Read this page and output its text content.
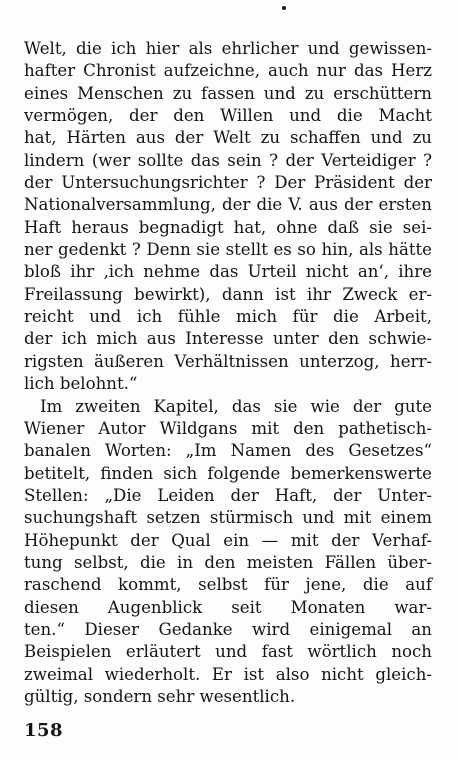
Welt, die ich hier als ehrlicher und gewissen-
hafter Chronist aufzeichne, auch nur das Herz
eines Menschen zu fassen und zu erschüttern
vermögen, der den Willen und die Macht
hat, Härten aus der Welt zu schaffen und zu
lindern (wer sollte das sein ? der Verteidiger ?
der Untersuchungsrichter ? Der Präsident der
Nationalversammlung, der die V. aus der ersten
Haft heraus begnadigt hat, ohne daß sie sei-
ner gedenkt ? Denn sie stellt es so hin, als hätte
bloß ihr ‚ich nehme das Urteil nicht an‘, ihre
Freilassung bewirkt), dann ist ihr Zweck er-
reicht und ich fühle mich für die Arbeit,
der ich mich aus Interesse unter den schwie-
rigsten äußeren Verhältnissen unterzog, herr-
lich belohnt.“
Im zweiten Kapitel, das sie wie der gute
Wiener Autor Wildgans mit den pathetisch-
banalen Worten: „Im Namen des Gesetzes“
betitelt, finden sich folgende bemerkenswerte
Stellen: „Die Leiden der Haft, der Unter-
suchungshaft setzen stürmisch und mit einem
Höhepunkt der Qual ein — mit der Verhaf-
tung selbst, die in den meisten Fällen über-
raschend kommt, selbst für jene, die auf
diesen Augenblick seit Monaten war-
ten.“ Dieser Gedanke wird einigemal an
Beispielen erläutert und fast wörtlich noch
zweimal wiederholt. Er ist also nicht gleich-
gültig, sondern sehr wesentlich.
158
